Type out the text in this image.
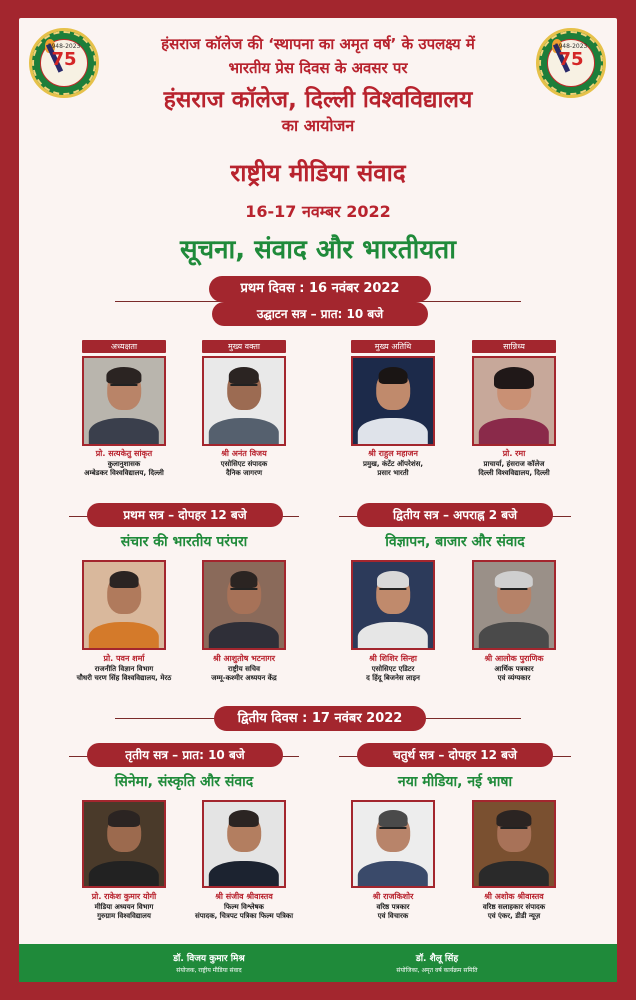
1948-2023
75
1948-2023
75
हंसराज कॉलेज की ‘स्थापना का अमृत वर्ष’ के उपलक्ष्य में
भारतीय प्रेस दिवस के अवसर पर
हंसराज कॉलेज, दिल्ली विश्वविद्यालय
का आयोजन
राष्ट्रीय मीडिया संवाद
16-17 नवम्बर 2022
सूचना, संवाद और भारतीयता
प्रथम दिवस : 16 नवंबर 2022
उद्घाटन सत्र – प्रात: 10 बजे
अध्यक्षता
प्रो. सत्यकेतु सांकृत
कुलानुशासक
अम्बेडकर विश्वविद्यालय, दिल्ली
मुख्य वक्ता
श्री अनंत विजय
एसोसिएट संपादक
दैनिक जागरण
मुख्य अतिथि
श्री राहुल महाजन
प्रमुख, कंटेंट ऑपरेशंस,
प्रसार भारती
सान्निध्य
प्रो. रमा
प्राचार्या, हंसराज कॉलेज
दिल्ली विश्वविद्यालय, दिल्ली
प्रथम सत्र – दोपहर 12 बजे	द्वितीय सत्र – अपराह्न 2 बजे
संचार की भारतीय परंपरा	विज्ञापन, बाजार और संवाद
प्रो. पवन शर्मा
राजनीति विज्ञान विभाग
चौधरी चरण सिंह विश्वविद्यालय, मेरठ
श्री आशुतोष भटनागर
राष्ट्रीय सचिव
जम्मू-कश्मीर अध्ययन केंद्र
श्री शिशिर सिन्हा
एसोसिएट एडिटर
द हिंदू बिजनेस लाइन
श्री आलोक पुराणिक
आर्थिक पत्रकार
एवं व्यंग्यकार
द्वितीय दिवस : 17 नवंबर 2022
तृतीय सत्र – प्रात: 10 बजे	चतुर्थ सत्र – दोपहर 12 बजे
सिनेमा, संस्कृति और संवाद	नया मीडिया, नई भाषा
प्रो. राकेश कुमार योगी
मीडिया अध्ययन विभाग
गुरुग्राम विश्वविद्यालय
श्री संजीव श्रीवास्तव
फिल्म विश्लेषक
संपादक, चित्रपट पत्रिका फिल्म पत्रिका
श्री राजकिशोर
वरिष्ठ पत्रकार
एवं विचारक
श्री अशोक श्रीवास्तव
वरिष्ठ सलाहकार संपादक
एवं एंकर, डीडी न्यूज़
डॉ. विजय कुमार मिश्र
संयोजक, राष्ट्रीय मीडिया संवाद
डॉ. शैलू सिंह
संयोजिका, अमृत वर्ष कार्यक्रम समिति
